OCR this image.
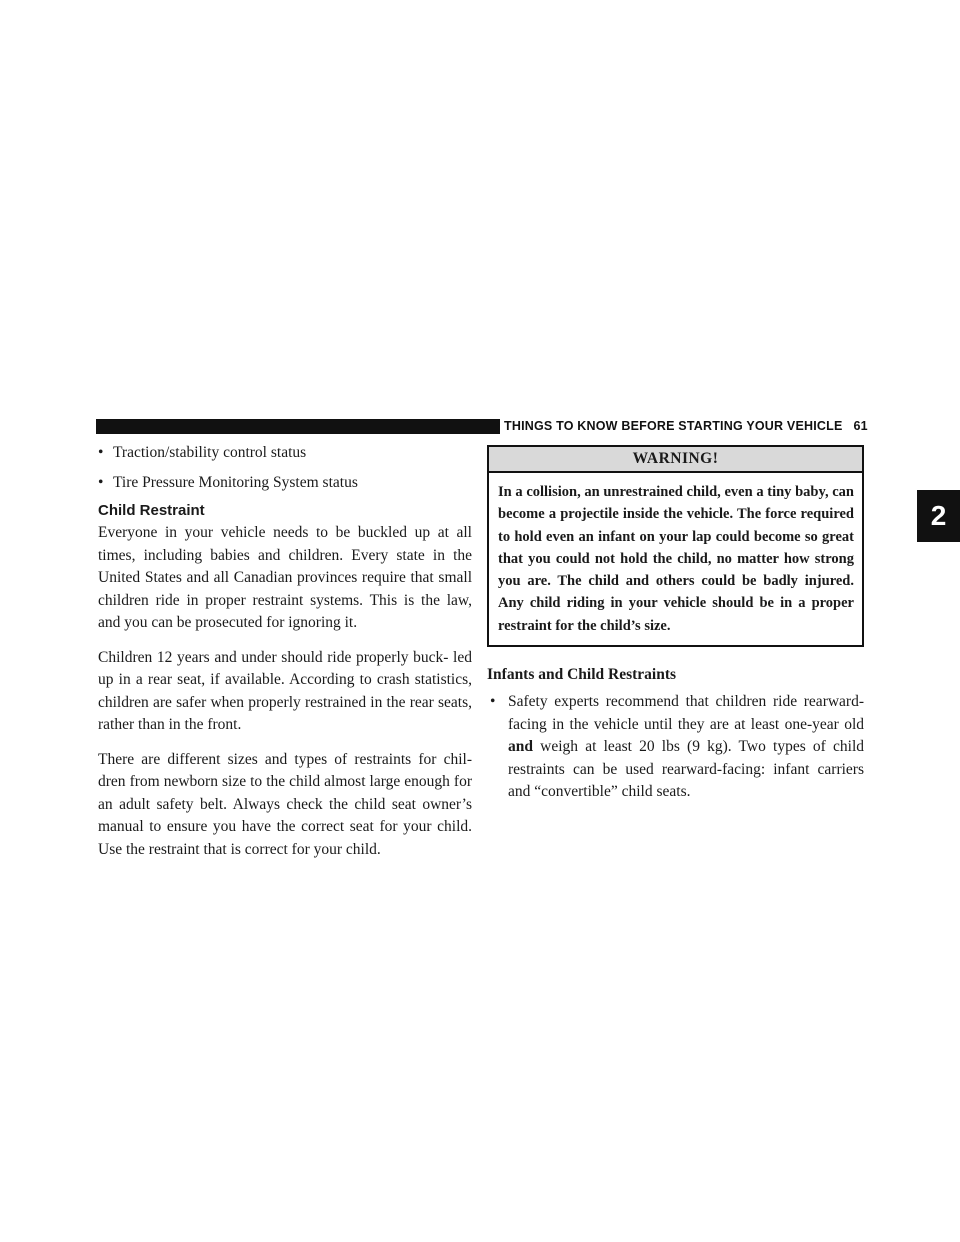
THINGS TO KNOW BEFORE STARTING YOUR VEHICLE 61
2
• Traction/stability control status
• Tire Pressure Monitoring System status
Child Restraint

Everyone in your vehicle needs to be buckled up at all times, including babies and children. Every state in the United States and all Canadian provinces require that small children ride in proper restraint systems. This is the law, and you can be prosecuted for ignoring it.

Children 12 years and under should ride properly buck- led up in a rear seat, if available. According to crash statistics, children are safer when properly restrained in the rear seats, rather than in the front.

There are different sizes and types of restraints for chil- dren from newborn size to the child almost large enough for an adult safety belt. Always check the child seat owner’s manual to ensure you have the correct seat for your child. Use the restraint that is correct for your child.

WARNING!
In a collision, an unrestrained child, even a tiny baby, can become a projectile inside the vehicle. The force required to hold even an infant on your lap could become so great that you could not hold the child, no matter how strong you are. The child and others could be badly injured. Any child riding in your vehicle should be in a proper restraint for the child’s size.
Infants and Child Restraints
• Safety experts recommend that children ride rearward-facing in the vehicle until they are at least one-year old and weigh at least 20 lbs (9 kg). Two types of child restraints can be used rearward-facing: infant carriers and “convertible” child seats.
